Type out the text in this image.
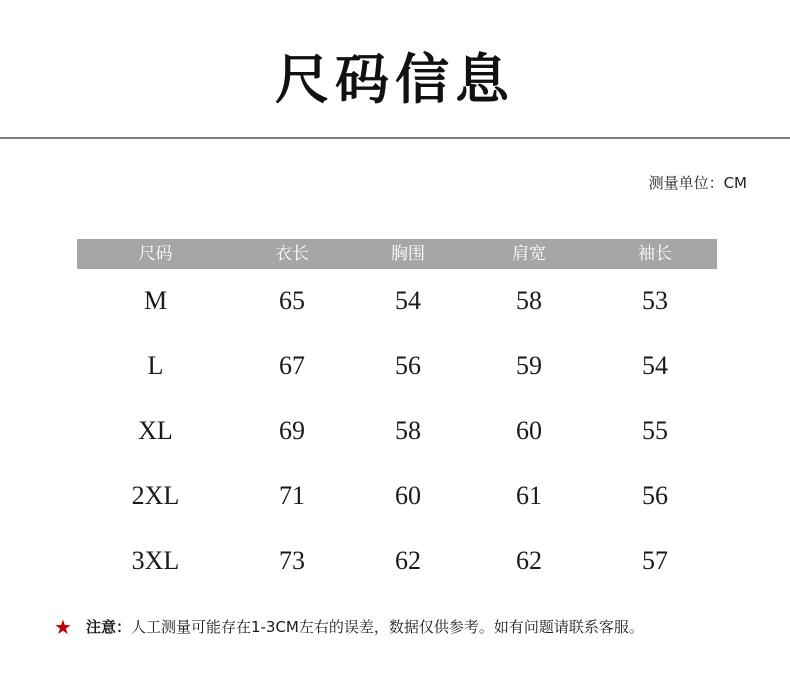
尺码信息
测量单位：CM
尺码	衣长	胸围	肩宽	袖长
M	65	54	58	53
L	67	56	59	54
XL	69	58	60	55
2XL	71	60	61	56
3XL	73	62	62	57
★ 注意：人工测量可能存在1-3CM左右的误差，数据仅供参考。如有问题请联系客服。
